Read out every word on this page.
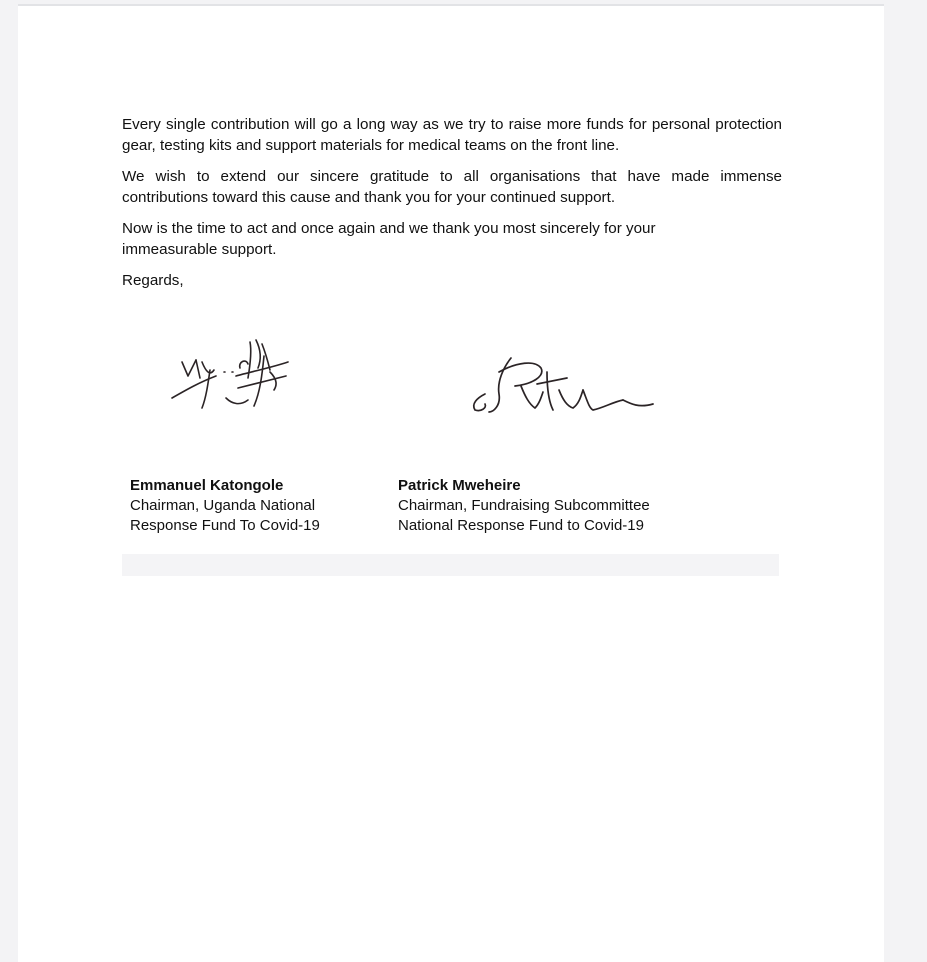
Every single contribution will go a long way as we try to raise more funds for personal protection gear, testing kits and support materials for medical teams on the front line.

We wish to extend our sincere gratitude to all organisations that have made immense contributions toward this cause and thank you for your continued support.

Now is the time to act and once again and we thank you most sincerely for your immeasurable support.

Regards,

Emmanuel Katongole
Chairman, Uganda National
Response Fund To Covid-19
Patrick Mweheire
Chairman, Fundraising Subcommittee
National Response Fund to Covid-19
